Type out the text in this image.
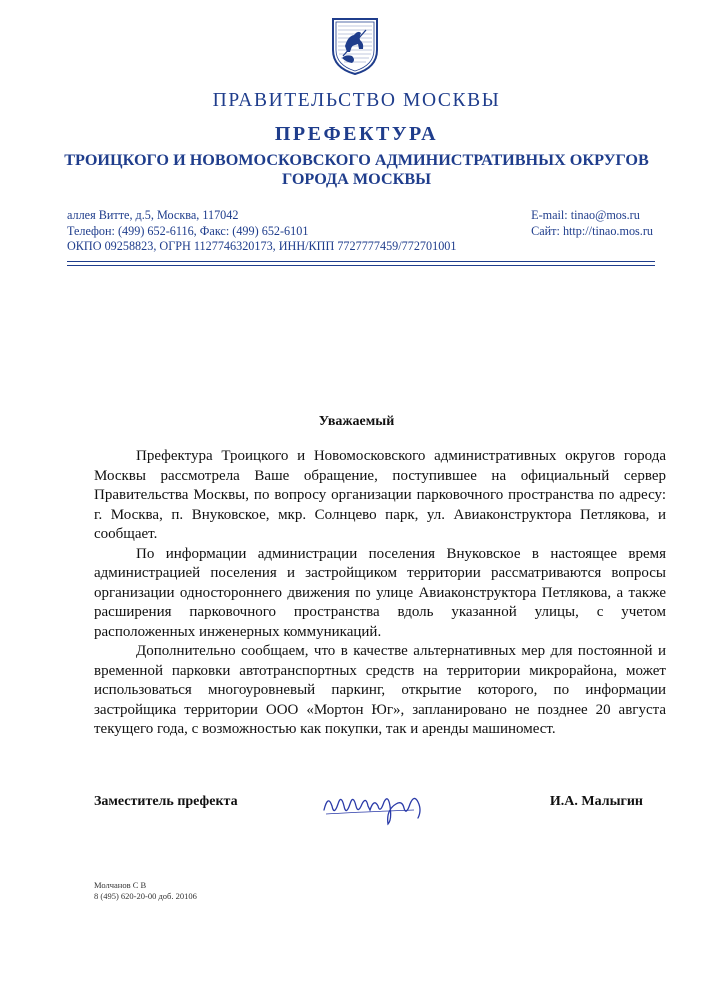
ПРАВИТЕЛЬСТВО МОСКВЫ
ПРЕФЕКТУРА
ТРОИЦКОГО И НОВОМОСКОВСКОГО АДМИНИСТРАТИВНЫХ ОКРУГОВ
ГОРОДА МОСКВЫ
аллея Витте, д.5, Москва, 117042
Телефон: (499) 652-6116, Факс: (499) 652-6101
ОКПО 09258823, ОГРН 1127746320173, ИНН/КПП 7727777459/772701001
E-mail: tinao@mos.ru
Сайт: http://tinao.mos.ru
Уважаемый

Префектура Троицкого и Новомосковского административных округов города Москвы рассмотрела Ваше обращение, поступившее на официальный сервер Правительства Москвы, по вопросу организации парковочного пространства по адресу: г. Москва, п. Внуковское, мкр. Солнцево парк, ул. Авиаконструктора Петлякова, и сообщает.

По информации администрации поселения Внуковское в настоящее время администрацией поселения и застройщиком территории рассматриваются вопросы организации одностороннего движения по улице Авиаконструктора Петлякова, а также расширения парковочного пространства вдоль указанной улицы, с учетом расположенных инженерных коммуникаций.

Дополнительно сообщаем, что в качестве альтернативных мер для постоянной и временной парковки автотранспортных средств на территории микрорайона, может использоваться многоуровневый паркинг, открытие которого, по информации застройщика территории ООО «Мортон Юг», запланировано не позднее 20 августа текущего года, с возможностью как покупки, так и аренды машиномест.

Заместитель префекта	И.А. Малыгин
Молчанов С В
8 (495) 620-20-00 доб. 20106
